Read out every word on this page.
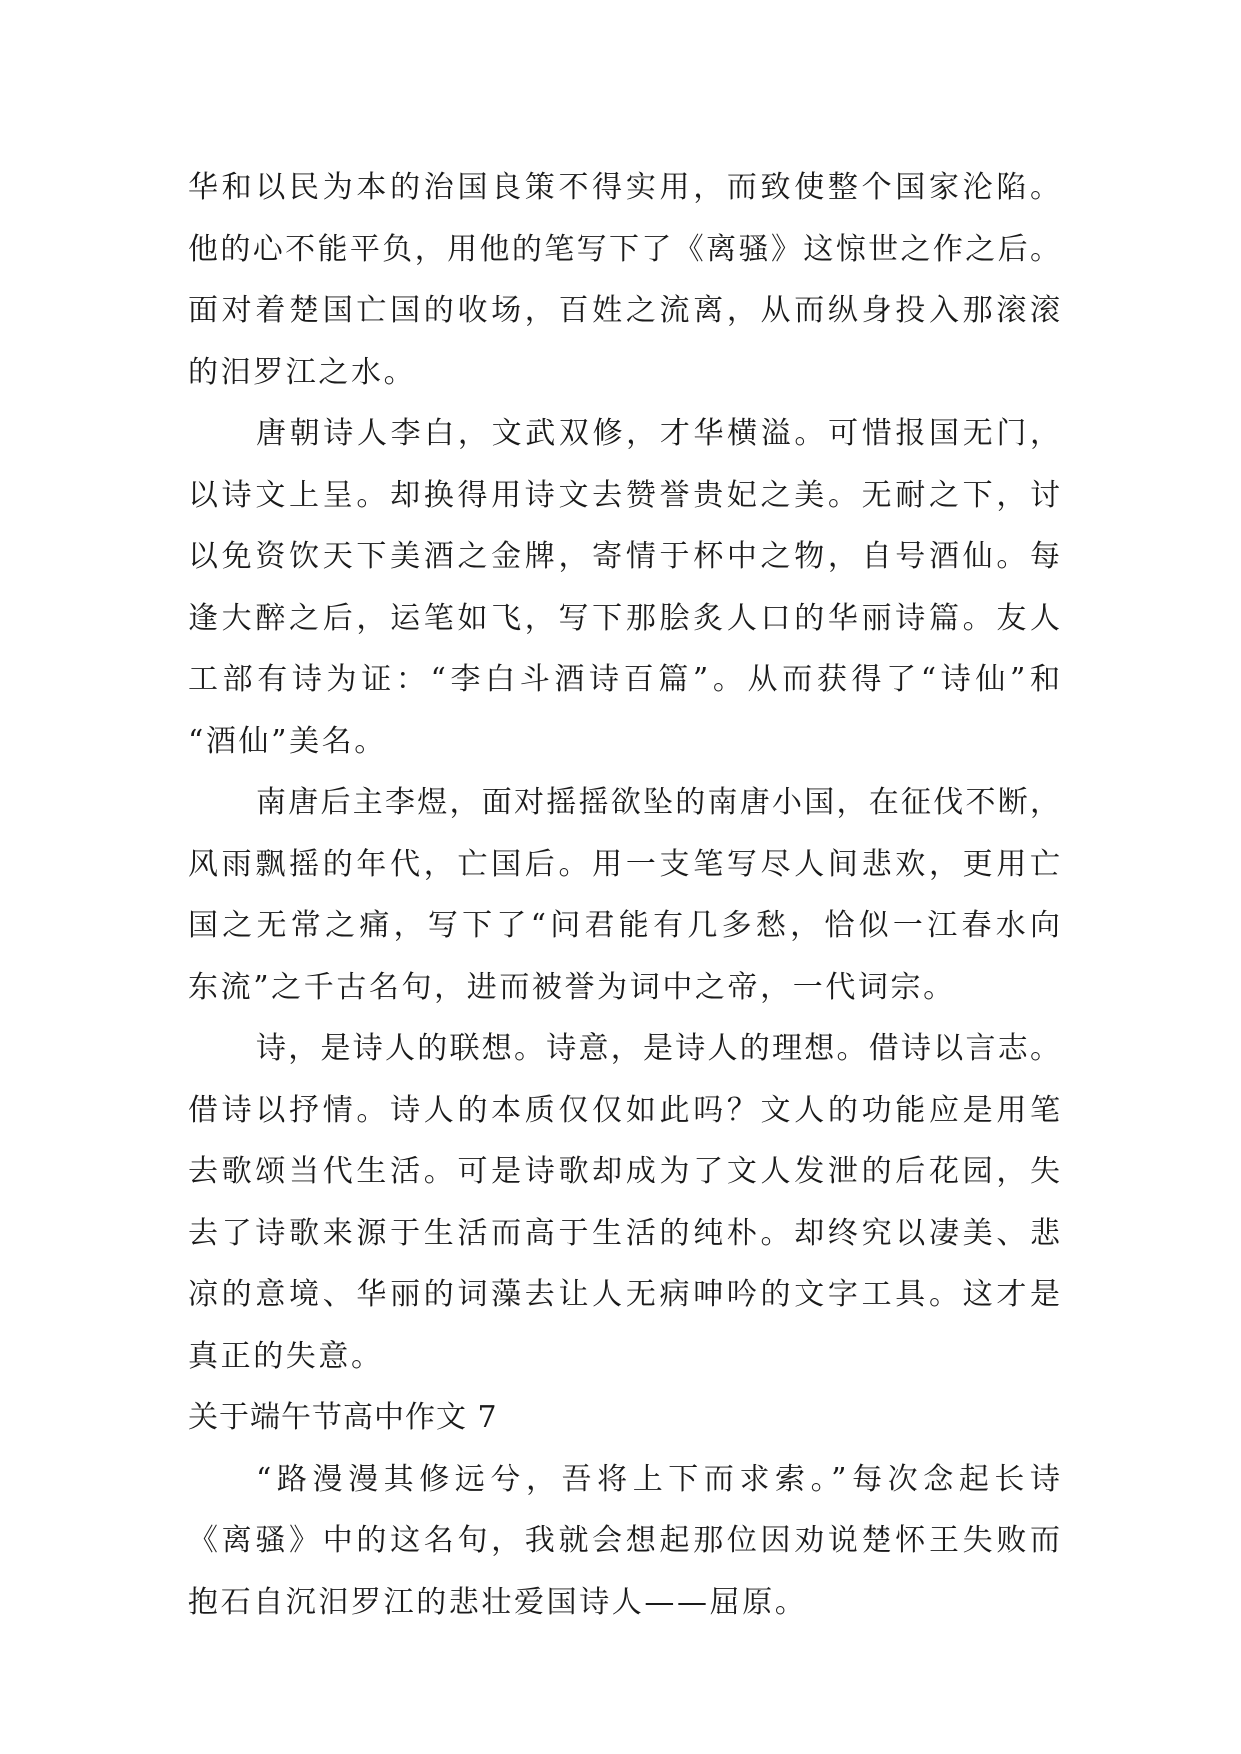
华和以民为本的治国良策不得实用，而致使整个国家沦陷。
他的心不能平负，用他的笔写下了《离骚》这惊世之作之后。
面对着楚国亡国的收场，百姓之流离，从而纵身投入那滚滚
的汨罗江之水。
唐朝诗人李白，文武双修，才华横溢。可惜报国无门，
以诗文上呈。却换得用诗文去赞誉贵妃之美。无耐之下，讨
以免资饮天下美酒之金牌，寄情于杯中之物，自号酒仙。每
逢大醉之后，运笔如飞，写下那脍炙人口的华丽诗篇。友人
工部有诗为证：“李白斗酒诗百篇”。从而获得了“诗仙”和
“酒仙”美名。
南唐后主李煜，面对摇摇欲坠的南唐小国，在征伐不断，
风雨飘摇的年代，亡国后。用一支笔写尽人间悲欢，更用亡
国之无常之痛，写下了“问君能有几多愁，恰似一江春水向
东流”之千古名句，进而被誉为词中之帝，一代词宗。
诗，是诗人的联想。诗意，是诗人的理想。借诗以言志。
借诗以抒情。诗人的本质仅仅如此吗？文人的功能应是用笔
去歌颂当代生活。可是诗歌却成为了文人发泄的后花园，失
去了诗歌来源于生活而高于生活的纯朴。却终究以凄美、悲
凉的意境、华丽的词藻去让人无病呻吟的文字工具。这才是
真正的失意。
关于端午节高中作文 7
“路漫漫其修远兮，吾将上下而求索。”每次念起长诗
《离骚》中的这名句，我就会想起那位因劝说楚怀王失败而
抱石自沉汨罗江的悲壮爱国诗人——屈原。
